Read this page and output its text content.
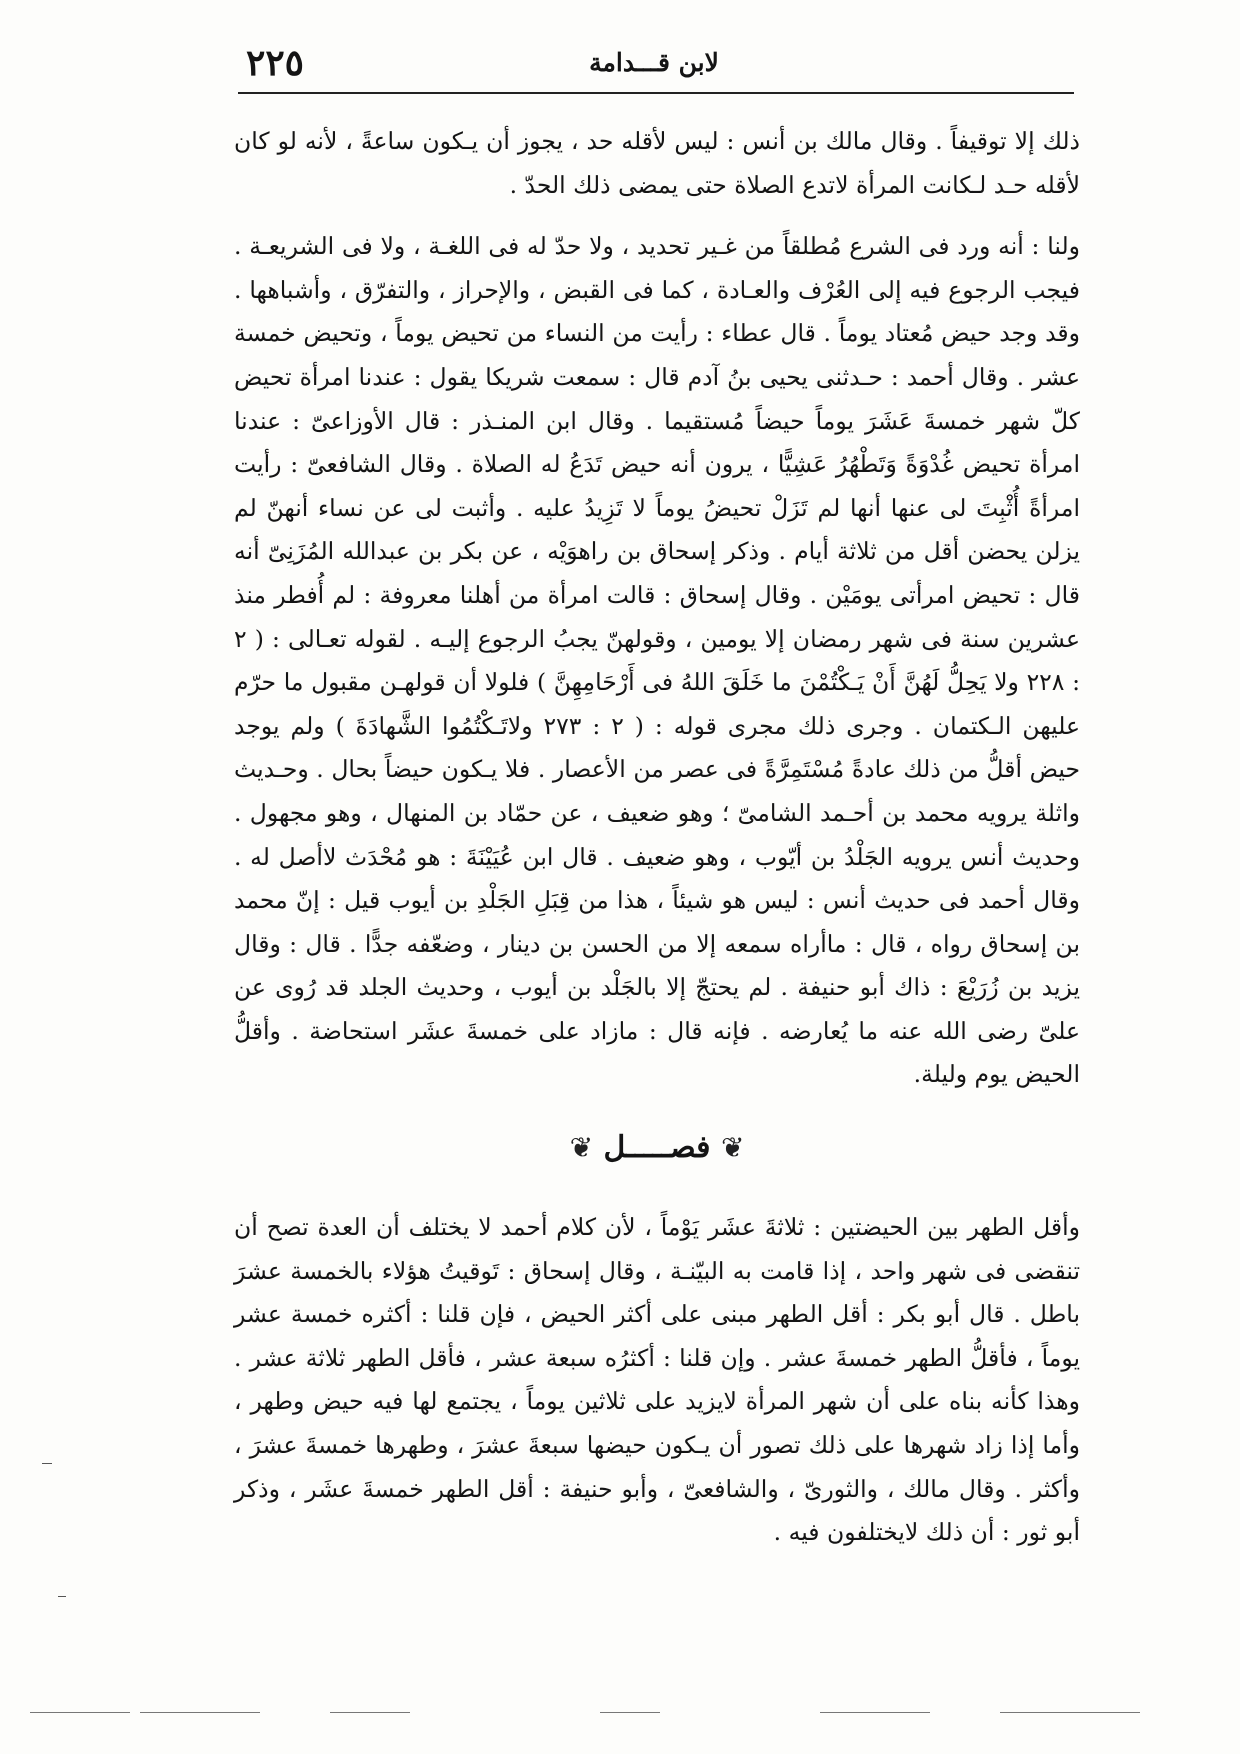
لابن قـــدامة
٢٢٥

ذلك إلا توقيفاً . وقال مالك بن أنس : ليس لأقله حد ، يجوز أن يـكون ساعةً ، لأنه لو كان لأقله حـد لـكانت المرأة لاتدع الصلاة حتى يمضى ذلك الحدّ .

ولنا : أنه ورد فى الشرع مُطلقاً من غـير تحديد ، ولا حدّ له فى اللغـة ، ولا فى الشريعـة . فيجب الرجوع فيه إلى العُرْف والعـادة ، كما فى القبض ، والإحراز ، والتفرّق ، وأشباهها . وقد وجد حيض مُعتاد يوماً . قال عطاء : رأيت من النساء من تحيض يوماً ، وتحيض خمسة عشر . وقال أحمد : حـدثنى يحيى بنُ آدم قال : سمعت شريكا يقول : عندنا امرأة تحيض كلّ شهر خمسةَ عَشَرَ يوماً حيضاً مُستقيما . وقال ابن المنـذر : قال الأوزاعىّ : عندنا امرأة تحيض غُدْوَةً وَتَطْهُرُ عَشِيًّا ، يرون أنه حيض تَدَعُ له الصلاة . وقال الشافعىّ : رأيت امرأةً أُثْبِتَ لى عنها أنها لم تَزَلْ تحيضُ يوماً لا تَزِيدُ عليه . وأثبت لى عن نساء أنهنّ لم يزلن يحضن أقل من ثلاثة أيام . وذكر إسحاق بن راهوَيْه ، عن بكر بن عبدالله المُزَنِىّ أنه قال : تحيض امرأتى يومَيْن . وقال إسحاق : قالت امرأة من أهلنا معروفة : لم أُفطر منذ عشرين سنة فى شهر رمضان إلا يومين ، وقولهنّ يجبُ الرجوع إليـه . لقوله تعـالى : ( ٢ : ٢٢٨ ولا يَحِلُّ لَهُنَّ أَنْ يَـكْتُمْنَ ما خَلَقَ اللهُ فى أَرْحَامِهِنَّ ) فلولا أن قولهـن مقبول ما حرّم عليهن الـكتمان . وجرى ذلك مجرى قوله : ( ٢ : ٢٧٣ ولاتَـكْتُمُوا الشَّهادَةَ ) ولم يوجد حيض أقلُّ من ذلك عادةً مُسْتَمِرَّةً فى عصر من الأعصار . فلا يـكون حيضاً بحال . وحـديث واثلة يرويه محمد بن أحـمد الشامىّ ؛ وهو ضعيف ، عن حمّاد بن المنهال ، وهو مجهول . وحديث أنس يرويه الجَلْدُ بن أيّوب ، وهو ضعيف . قال ابن عُيَيْنَةَ : هو مُحْدَث لاأصل له . وقال أحمد فى حديث أنس : ليس هو شيئاً ، هذا من قِبَلِ الجَلْدِ بن أيوب قيل : إنّ محمد بن إسحاق رواه ، قال : ماأراه سمعه إلا من الحسن بن دينار ، وضعّفه جدًّا . قال : وقال يزيد بن زُرَيْعَ : ذاك أبو حنيفة . لم يحتجّ إلا بالجَلْد بن أيوب ، وحديث الجلد قد رُوى عن علىّ رضى الله عنه ما يُعارضه . فإنه قال : مازاد على خمسةَ عشَر استحاضة . وأقلُّ الحيض يوم وليلة.

❦ فصـــــل ❦

وأقل الطهر بين الحيضتين : ثلاثةَ عشَر يَوْماً ، لأن كلام أحمد لا يختلف أن العدة تصح أن تنقضى فى شهر واحد ، إذا قامت به البيّنـة ، وقال إسحاق : تَوقيتُ هؤلاء بالخمسة عشرَ باطل . قال أبو بكر : أقل الطهر مبنى على أكثر الحيض ، فإن قلنا : أكثره خمسة عشر يوماً ، فأقلُّ الطهر خمسةَ عشر . وإن قلنا : أكثرُه سبعة عشر ، فأقل الطهر ثلاثة عشر . وهذا كأنه بناه على أن شهر المرأة لايزيد على ثلاثين يوماً ، يجتمع لها فيه حيض وطهر ، وأما إذا زاد شهرها على ذلك تصور أن يـكون حيضها سبعةَ عشرَ ، وطهرها خمسةَ عشرَ ، وأكثر . وقال مالك ، والثورىّ ، والشافعىّ ، وأبو حنيفة : أقل الطهر خمسةَ عشَر ، وذكر أبو ثور : أن ذلك لايختلفون فيه .
